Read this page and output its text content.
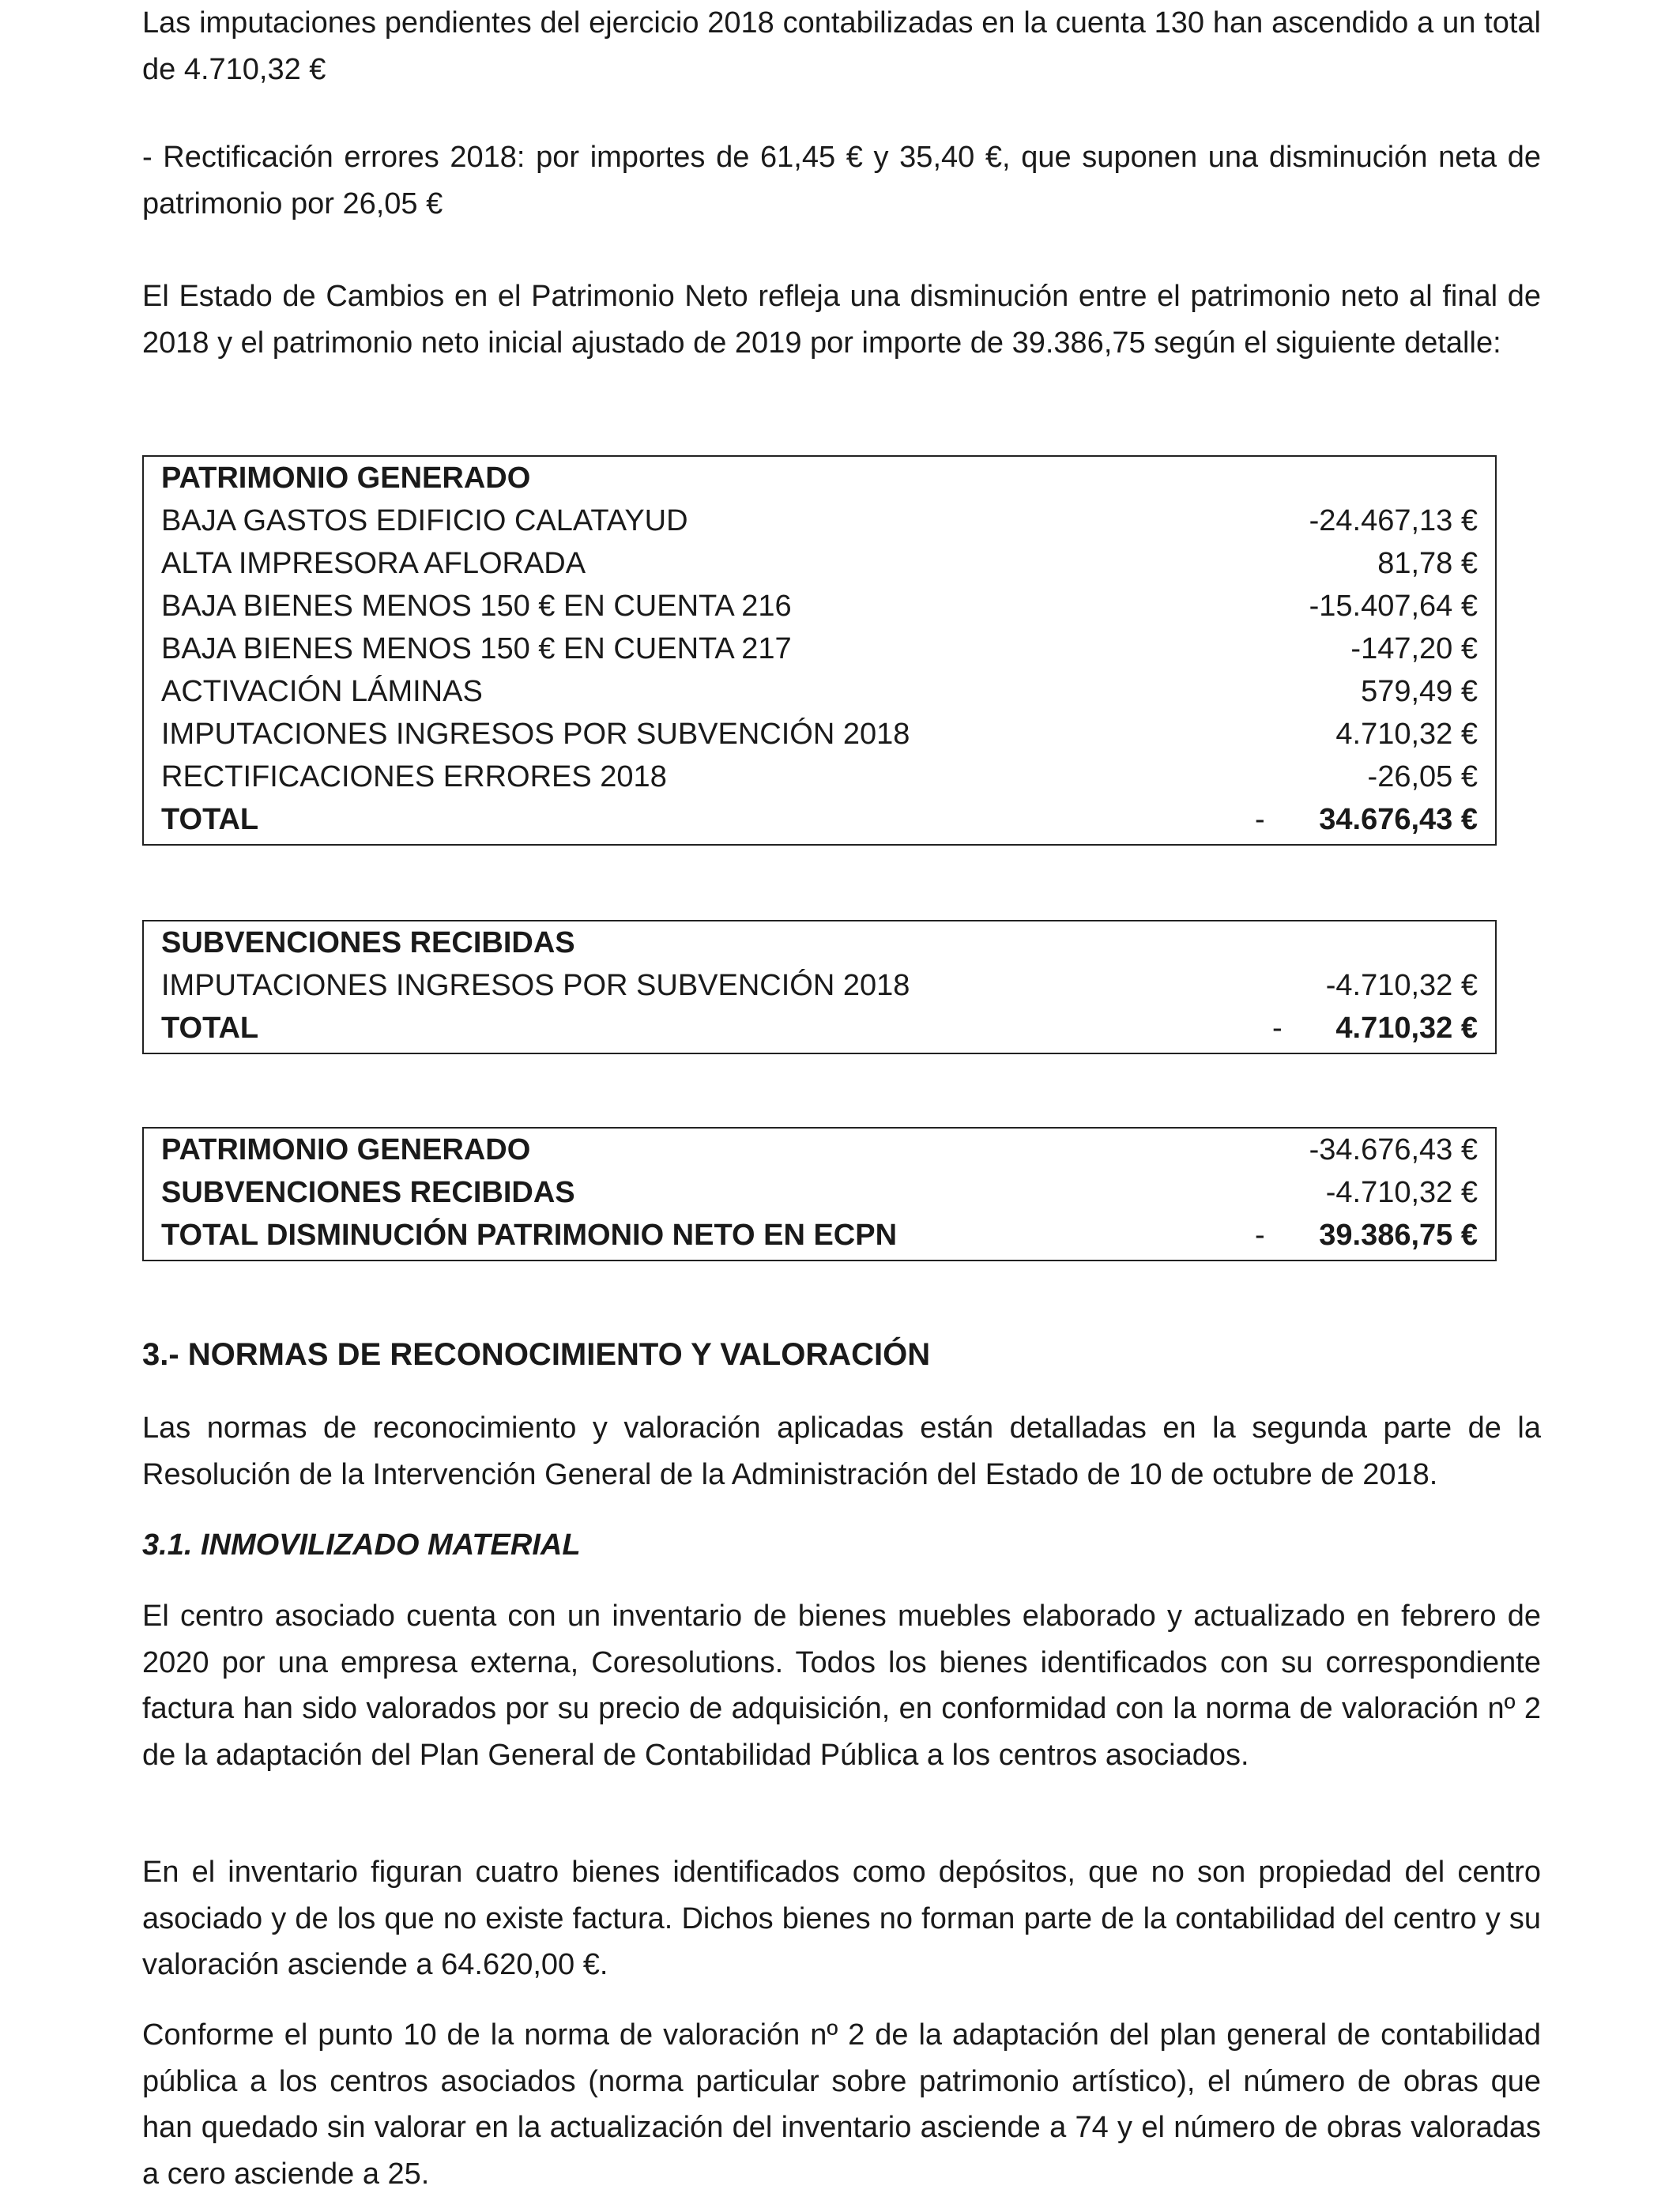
Las imputaciones pendientes del ejercicio 2018 contabilizadas en la cuenta 130 han ascendido a un total de 4.710,32 €

- Rectificación errores 2018: por importes de 61,45 € y 35,40 €, que suponen una disminución neta de patrimonio por 26,05 €

El Estado de Cambios en el Patrimonio Neto refleja una disminución entre el patrimonio neto al final de 2018 y el patrimonio neto inicial ajustado de 2019 por importe de 39.386,75 según el siguiente detalle:

PATRIMONIO GENERADO
BAJA GASTOS EDIFICIO CALATAYUD	-24.467,13 €
ALTA IMPRESORA AFLORADA	81,78 €
BAJA BIENES MENOS 150 € EN CUENTA 216	-15.407,64 €
BAJA BIENES MENOS 150 € EN CUENTA 217	-147,20 €
ACTIVACIÓN LÁMINAS	579,49 €
IMPUTACIONES INGRESOS POR SUBVENCIÓN 2018	4.710,32 €
RECTIFICACIONES ERRORES 2018	-26,05 €
TOTAL	- 34.676,43 €
SUBVENCIONES RECIBIDAS
IMPUTACIONES INGRESOS POR SUBVENCIÓN 2018	-4.710,32 €
TOTAL	- 4.710,32 €
PATRIMONIO GENERADO	-34.676,43 €
SUBVENCIONES RECIBIDAS	-4.710,32 €
TOTAL DISMINUCIÓN PATRIMONIO NETO EN ECPN	- 39.386,75 €
3.- NORMAS DE RECONOCIMIENTO Y VALORACIÓN

Las normas de reconocimiento y valoración aplicadas están detalladas en la segunda parte de la Resolución de la Intervención General de la Administración del Estado de 10 de octubre de 2018.

3.1. INMOVILIZADO MATERIAL

El centro asociado cuenta con un inventario de bienes muebles elaborado y actualizado en febrero de 2020 por una empresa externa, Coresolutions. Todos los bienes identificados con su correspondiente factura han sido valorados por su precio de adquisición, en conformidad con la norma de valoración nº 2 de la adaptación del Plan General de Contabilidad Pública a los centros asociados.

En el inventario figuran cuatro bienes identificados como depósitos, que no son propiedad del centro asociado y de los que no existe factura. Dichos bienes no forman parte de la contabilidad del centro y su valoración asciende a 64.620,00 €.

Conforme el punto 10 de la norma de valoración nº 2 de la adaptación del plan general de contabilidad pública a los centros asociados (norma particular sobre patrimonio artístico), el número de obras que han quedado sin valorar en la actualización del inventario asciende a 74 y el número de obras valoradas a cero asciende a 25.
